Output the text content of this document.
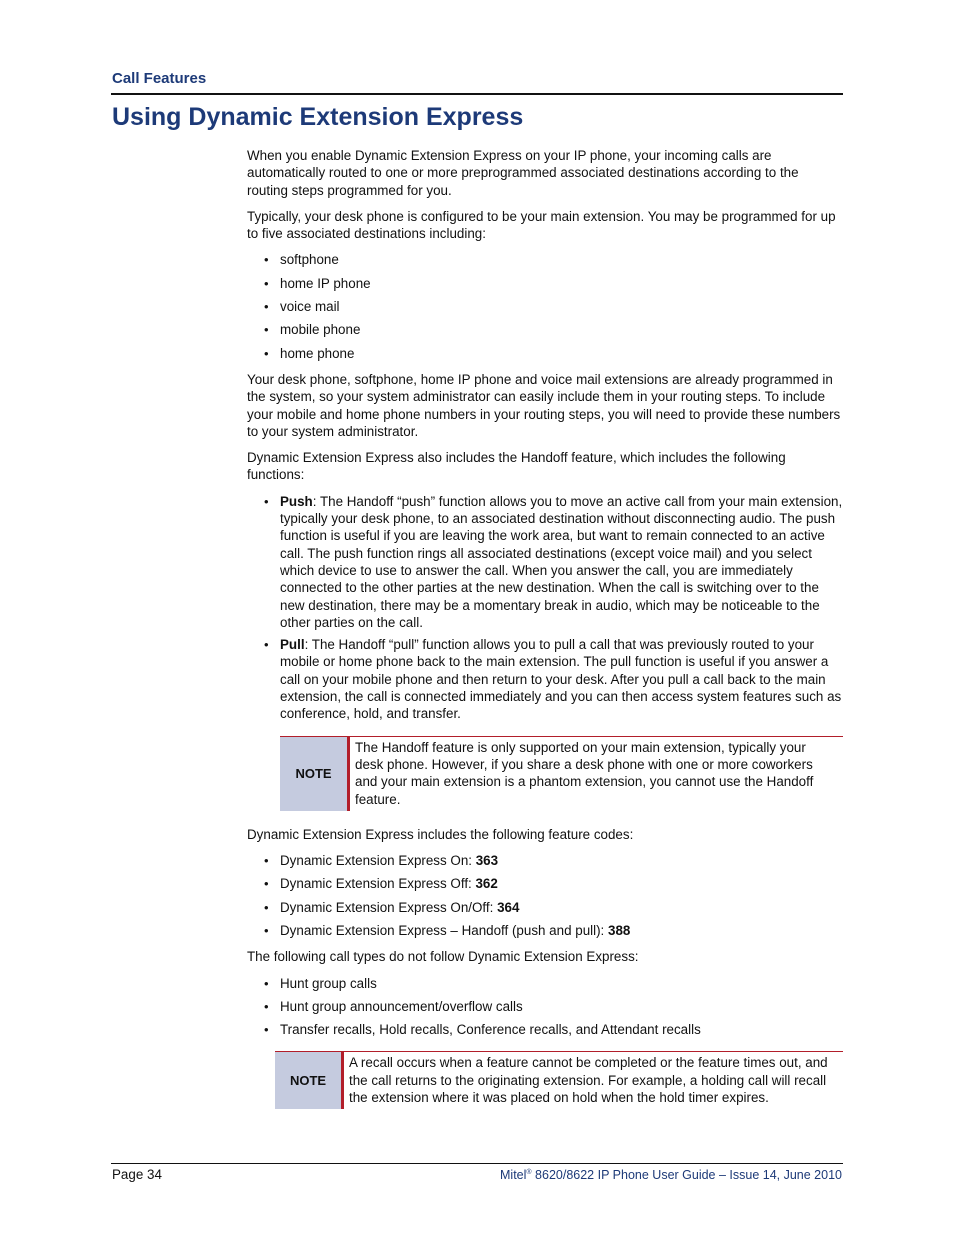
Call Features
Using Dynamic Extension Express

When you enable Dynamic Extension Express on your IP phone, your incoming calls are automatically routed to one or more preprogrammed associated destinations according to the routing steps programmed for you.

Typically, your desk phone is configured to be your main extension. You may be programmed for up to five associated destinations including:

• softphone
• home IP phone
• voice mail
• mobile phone
• home phone

Your desk phone, softphone, home IP phone and voice mail extensions are already programmed in the system, so your system administrator can easily include them in your routing steps. To include your mobile and home phone numbers in your routing steps, you will need to provide these numbers to your system administrator.

Dynamic Extension Express also includes the Handoff feature, which includes the following functions:

• Push: The Handoff “push” function allows you to move an active call from your main extension, typically your desk phone, to an associated destination without disconnecting audio. The push function is useful if you are leaving the work area, but want to remain connected to an active call. The push function rings all associated destinations (except voice mail) and you select which device to use to answer the call. When you answer the call, you are immediately connected to the other parties at the new destination. When the call is switching over to the new destination, there may be a momentary break in audio, which may be noticeable to the other parties on the call.
• Pull: The Handoff “pull” function allows you to pull a call that was previously routed to your mobile or home phone back to the main extension. The pull function is useful if you answer a call on your mobile phone and then return to your desk. After you pull a call back to the main extension, the call is connected immediately and you can then access system features such as conference, hold, and transfer.
NOTE
The Handoff feature is only supported on your main extension, typically your desk phone. However, if you share a desk phone with one or more coworkers and your main extension is a phantom extension, you cannot use the Handoff feature.

Dynamic Extension Express includes the following feature codes:

• Dynamic Extension Express On: 363
• Dynamic Extension Express Off: 362
• Dynamic Extension Express On/Off: 364
• Dynamic Extension Express – Handoff (push and pull): 388

The following call types do not follow Dynamic Extension Express:

• Hunt group calls
• Hunt group announcement/overflow calls
• Transfer recalls, Hold recalls, Conference recalls, and Attendant recalls
NOTE
A recall occurs when a feature cannot be completed or the feature times out, and the call returns to the originating extension. For example, a holding call will recall the extension where it was placed on hold when the hold timer expires.
Page 34	Mitel® 8620/8622 IP Phone User Guide – Issue 14, June 2010
